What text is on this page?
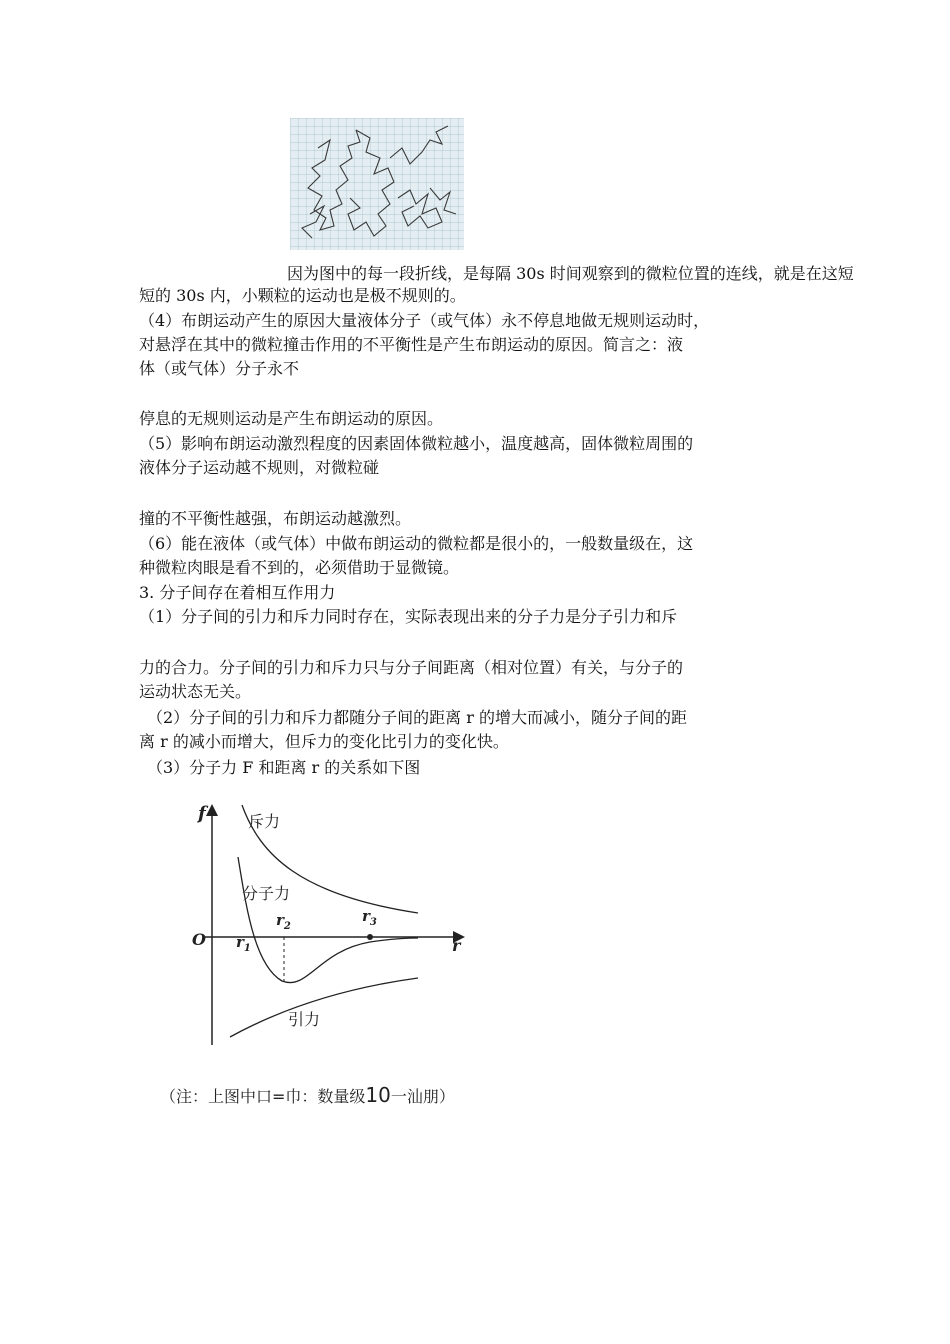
因为图中的每一段折线，是每隔 30s 时间观察到的微粒位置的连线，就是在这短
短的 30s 内，小颗粒的运动也是极不规则的。
（4）布朗运动产生的原因大量液体分子（或气体）永不停息地做无规则运动时，
对悬浮在其中的微粒撞击作用的不平衡性是产生布朗运动的原因。简言之：液
体（或气体）分子永不
停息的无规则运动是产生布朗运动的原因。
（5）影响布朗运动激烈程度的因素固体微粒越小，温度越高，固体微粒周围的
液体分子运动越不规则，对微粒碰
撞的不平衡性越强，布朗运动越激烈。
（6）能在液体（或气体）中做布朗运动的微粒都是很小的，一般数量级在，这
种微粒肉眼是看不到的，必须借助于显微镜。
3. 分子间存在着相互作用力
（1）分子间的引力和斥力同时存在，实际表现出来的分子力是分子引力和斥
力的合力。分子间的引力和斥力只与分子间距离（相对位置）有关，与分子的
运动状态无关。
（2）分子间的引力和斥力都随分子间的距离 r 的增大而减小，随分子间的距
离 r 的减小而增大，但斥力的变化比引力的变化快。
（3）分子力 F 和距离 r 的关系如下图
f
r
O
斥力
分子力
引力
$r_1$
$r_2$
$r_3$
（注：上图中口=巾：数量级10一汕朋）
